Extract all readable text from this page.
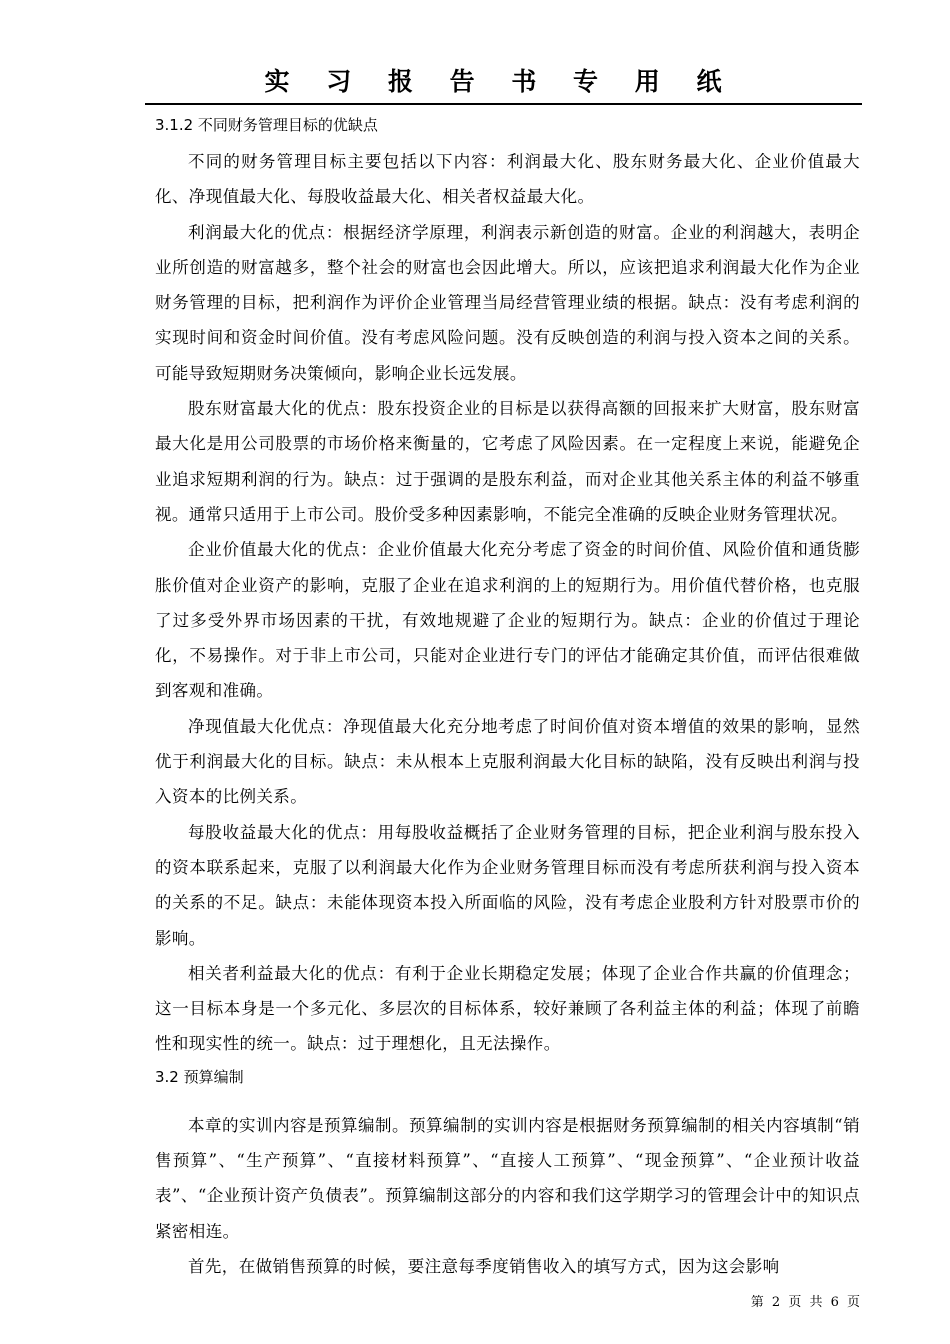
实 习 报 告 书 专 用 纸
3.1.2 不同财务管理目标的优缺点

不同的财务管理目标主要包括以下内容：利润最大化、股东财务最大化、企业价值最大化、净现值最大化、每股收益最大化、相关者权益最大化。

利润最大化的优点：根据经济学原理，利润表示新创造的财富。企业的利润越大，表明企业所创造的财富越多，整个社会的财富也会因此增大。所以，应该把追求利润最大化作为企业财务管理的目标，把利润作为评价企业管理当局经营管理业绩的根据。缺点：没有考虑利润的实现时间和资金时间价值。没有考虑风险问题。没有反映创造的利润与投入资本之间的关系。可能导致短期财务决策倾向，影响企业长远发展。

股东财富最大化的优点：股东投资企业的目标是以获得高额的回报来扩大财富，股东财富最大化是用公司股票的市场价格来衡量的，它考虑了风险因素。在一定程度上来说，能避免企业追求短期利润的行为。缺点：过于强调的是股东利益，而对企业其他关系主体的利益不够重视。通常只适用于上市公司。股价受多种因素影响，不能完全准确的反映企业财务管理状况。

企业价值最大化的优点：企业价值最大化充分考虑了资金的时间价值、风险价值和通货膨胀价值对企业资产的影响，克服了企业在追求利润的上的短期行为。用价值代替价格，也克服了过多受外界市场因素的干扰，有效地规避了企业的短期行为。缺点：企业的价值过于理论化，不易操作。对于非上市公司，只能对企业进行专门的评估才能确定其价值，而评估很难做到客观和准确。

净现值最大化优点：净现值最大化充分地考虑了时间价值对资本增值的效果的影响，显然优于利润最大化的目标。缺点：未从根本上克服利润最大化目标的缺陷，没有反映出利润与投入资本的比例关系。

每股收益最大化的优点：用每股收益概括了企业财务管理的目标，把企业利润与股东投入的资本联系起来，克服了以利润最大化作为企业财务管理目标而没有考虑所获利润与投入资本的关系的不足。缺点：未能体现资本投入所面临的风险，没有考虑企业股利方针对股票市价的影响。

相关者利益最大化的优点：有利于企业长期稳定发展；体现了企业合作共赢的价值理念；这一目标本身是一个多元化、多层次的目标体系，较好兼顾了各利益主体的利益；体现了前瞻性和现实性的统一。缺点：过于理想化，且无法操作。

3.2 预算编制

本章的实训内容是预算编制。预算编制的实训内容是根据财务预算编制的相关内容填制“销售预算”、“生产预算”、“直接材料预算”、“直接人工预算”、“现金预算”、“企业预计收益表”、“企业预计资产负债表”。预算编制这部分的内容和我们这学期学习的管理会计中的知识点紧密相连。

首先，在做销售预算的时候，要注意每季度销售收入的填写方式，因为这会影响

第 2 页 共 6 页
